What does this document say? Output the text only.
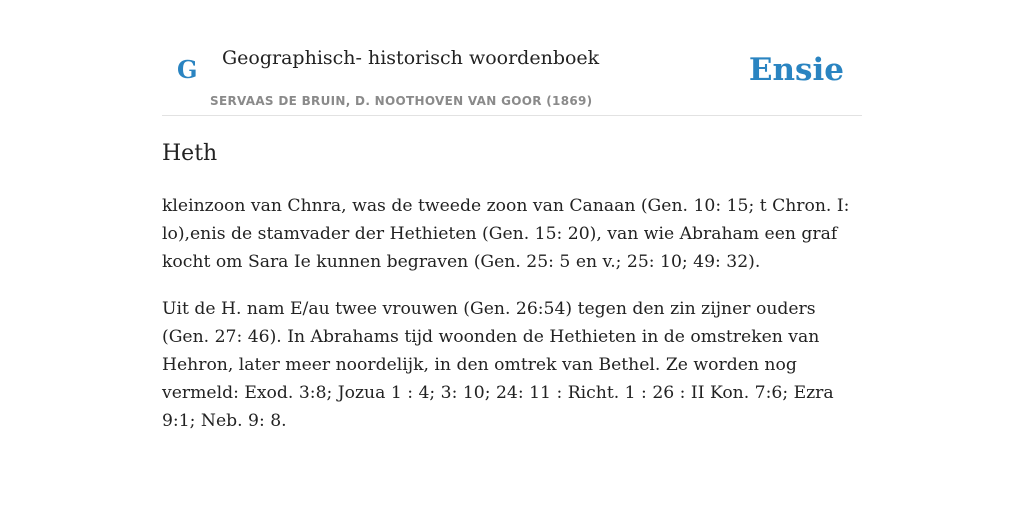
G Geographisch- historisch woordenboek
SERVAAS DE BRUIN, D. NOOTHOVEN VAN GOOR (1869)
Ensie
Heth

kleinzoon van Chnra, was de tweede zoon van Canaan (Gen. 10: 15; t Chron. I: lo),enis de stamvader der Hethieten (Gen. 15: 20), van wie Abraham een graf kocht om Sara Ie kunnen begraven (Gen. 25: 5 en v.; 25: 10; 49: 32).

Uit de H. nam E/au twee vrouwen (Gen. 26:54) tegen den zin zijner ouders (Gen. 27: 46). In Abrahams tijd woonden de Hethieten in de omstreken van Hehron, later meer noordelijk, in den omtrek van Bethel. Ze worden nog vermeld: Exod. 3:8; Jozua 1 : 4; 3: 10; 24: 11 : Richt. 1 : 26 : II Kon. 7:6; Ezra 9:1; Neb. 9: 8.
